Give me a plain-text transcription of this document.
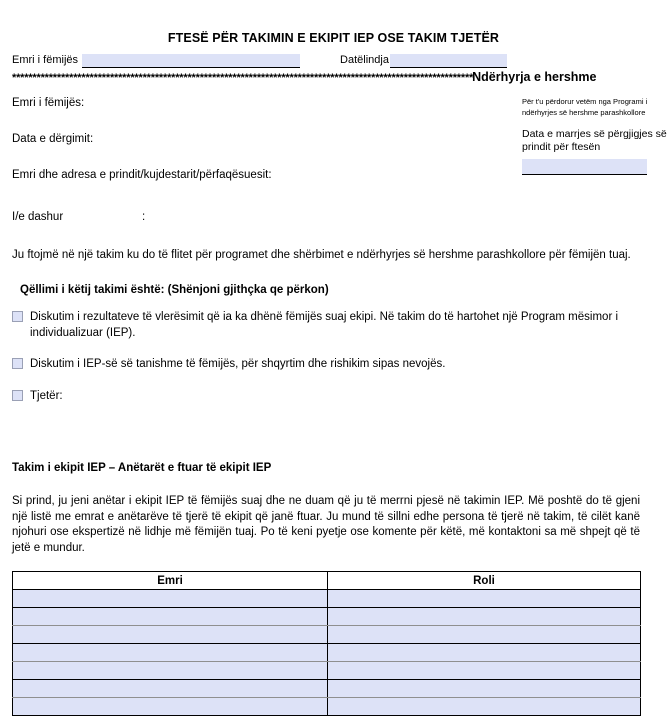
FTESË PËR TAKIMIN E EKIPIT IEP OSE TAKIM TJETËR
Emri i fëmijës	Datëlindja
***************************************************************************************************************** Ndërhyrja e hershme
Emri i fëmijës:
Data e dërgimit:
Emri dhe adresa e prindit/kujdestarit/përfaqësuesit:
I/e dashur	:

Për t'u përdorur vetëm nga Programi i ndërhyrjes së hershme parashkollore

Data e marrjes së përgjigjes së prindit për ftesën

Ju ftojmë në një takim ku do të flitet për programet dhe shërbimet e ndërhyrjes së hershme parashkollore për fëmijën tuaj.

Qëllimi i këtij takimi është: (Shënjoni gjithçka qe përkon)

Diskutim i rezultateve të vlerësimit që ia ka dhënë fëmijës suaj ekipi. Në takim do të hartohet një Program mësimor i individualizuar (IEP).
Diskutim i IEP-së së tanishme të fëmijës, për shqyrtim dhe rishikim sipas nevojës.
Tjetër:

Takim i ekipit IEP – Anëtarët e ftuar të ekipit IEP

Si prind, ju jeni anëtar i ekipit IEP të fëmijës suaj dhe ne duam që ju të merrni pjesë në takimin IEP. Më poshtë do të gjeni një listë me emrat e anëtarëve të tjerë të ekipit që janë ftuar. Ju mund të sillni edhe persona të tjerë në takim, të cilët kanë njohuri ose ekspertizë në lidhje më fëmijën tuaj. Po të keni pyetje ose komente për këtë, më kontaktoni sa më shpejt që të jetë e mundur.

Emri	Roli
